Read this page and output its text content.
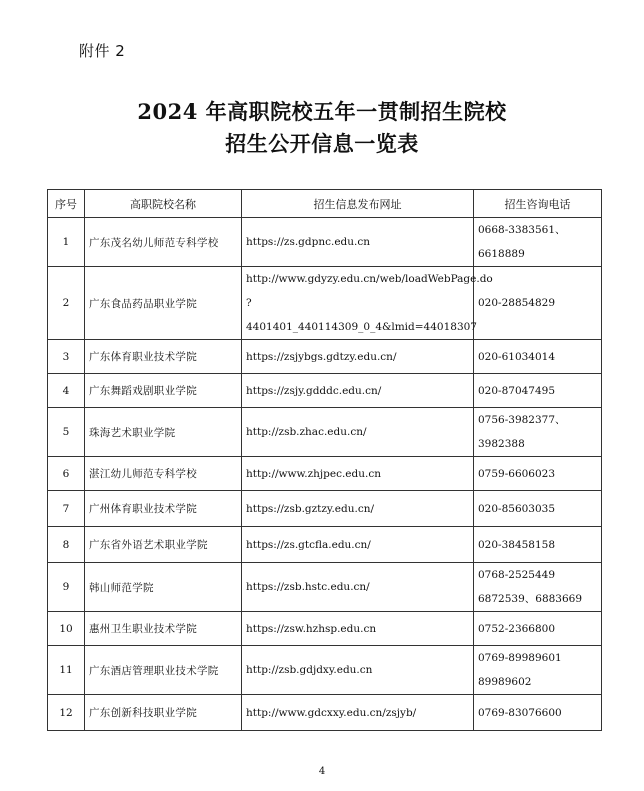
附件 2
2024 年高职院校五年一贯制招生院校
招生公开信息一览表
序号	高职院校名称	招生信息发布网址	招生咨询电话
1	广东茂名幼儿师范专科学校	https://zs.gdpnc.edu.cn	0668-3383561、6618889

2	广东食品药品职业学院	http://www.gdyzy.edu.cn/web/loadWebPage.do
?4401401_440114309_0_4&lmid=44018307	020-28854829

3	广东体育职业技术学院	https://zsjybgs.gdtzy.edu.cn/	020-61034014

4	广东舞蹈戏剧职业学院	https://zsjy.gdddc.edu.cn/	020-87047495

5	珠海艺术职业学院	http://zsb.zhac.edu.cn/	0756-3982377、3982388

6	湛江幼儿师范专科学校	http://www.zhjpec.edu.cn	0759-6606023

7	广州体育职业技术学院	https://zsb.gztzy.edu.cn/	020-85603035

8	广东省外语艺术职业学院	https://zs.gtcfla.edu.cn/	020-38458158

9	韩山师范学院	https://zsb.hstc.edu.cn/	0768-2525449
6872539、6883669

10	惠州卫生职业技术学院	https://zsw.hzhsp.edu.cn	0752-2366800

11	广东酒店管理职业技术学院	http://zsb.gdjdxy.edu.cn	0769-89989601
89989602

12	广东创新科技职业学院	http://www.gdcxxy.edu.cn/zsjyb/	0769-83076600
4
